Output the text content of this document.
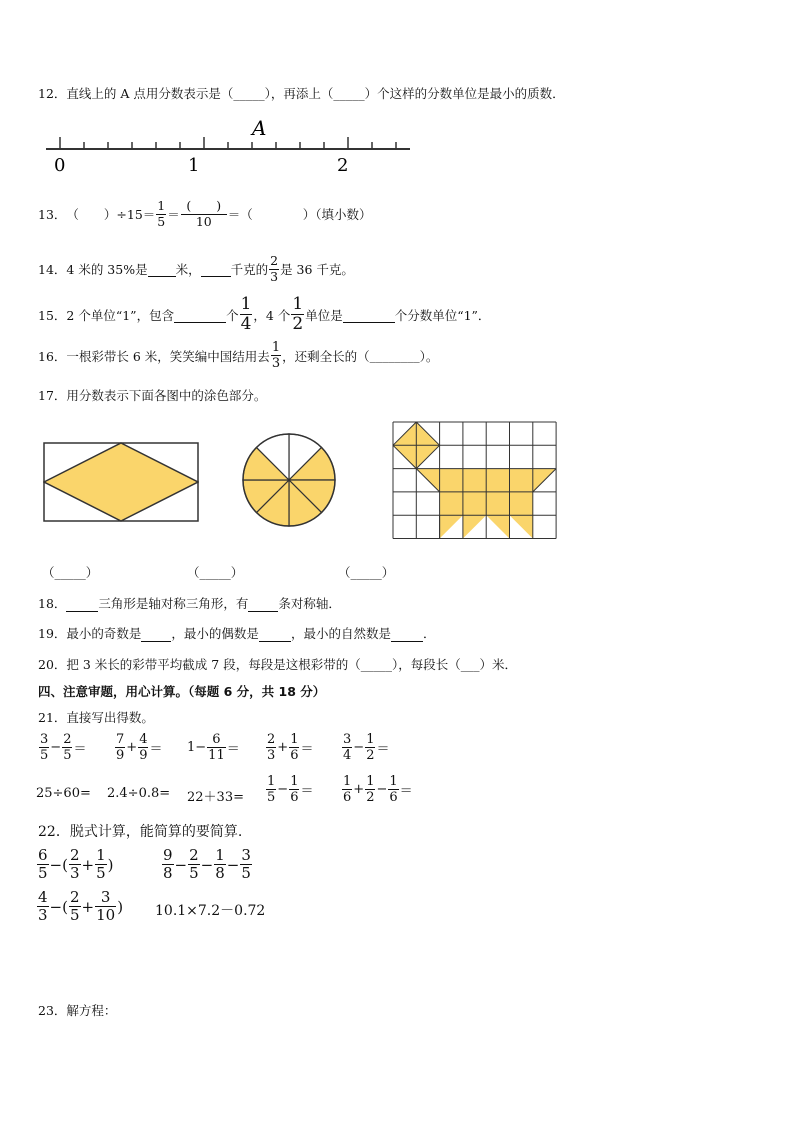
12．直线上的 A 点用分数表示是（_____），再添上（_____）个这样的分数单位是最小的质数．
A
0	1	2
13． （　　）$\div 15= \frac{1}{5} = \frac{( )}{10}$ ＝（　　　　）（填小数）
14． 4 米的 35%是
米，
千克的 $\frac{2}{3}$ 是 36 千克。
15． 2 个单位“1”，包含
	个 $\frac{1}{4}$ ，4 个 $\frac{1}{2}$ 单位是
	个分数单位“1”．
16． 一根彩带长 6 米，笑笑编中国结用去 $\frac{1}{3}$ ，还剩全长的（ ________ ）。
17．用分数表示下面各图中的涂色部分。
（_____）	（_____）	（_____）
18．	三角形是轴对称三角形，有 条对称轴．
19．最小的奇数是 ，最小的偶数是	，最小的自然数是	．
20．把 3 米长的彩带平均截成 7 段，每段是这根彩带的（_____），每段长（___）米．
四、注意审题，用心计算。（每题 6 分，共 18 分）
21．直接写出得数。
$\frac{3}{5} - \frac{2}{5} = \frac{7}{9} + \frac{4}{9} = 1- \frac{6}{11} = \frac{2}{3} + \frac{1}{6} = \frac{3}{4} - \frac{1}{2}$ ＝
$25\div 60= 2.4\div 0.8= 22+33= \frac{1}{5} - \frac{1}{6} = \frac{1}{6} + \frac{1}{2} - \frac{1}{6}$ ＝
22．脱式计算，能简算的要简算.
$\frac{6}{5}$ −( $\frac{2}{3} + \frac{1}{5}$ )	$\frac{9}{8} - \frac{2}{5} - \frac{1}{8} - \frac{3}{5}$
$\frac{4}{3}$ −( $\frac{2}{5} + \frac{3}{10}$ ) 10.1×7.2－0.72
23．解方程：
